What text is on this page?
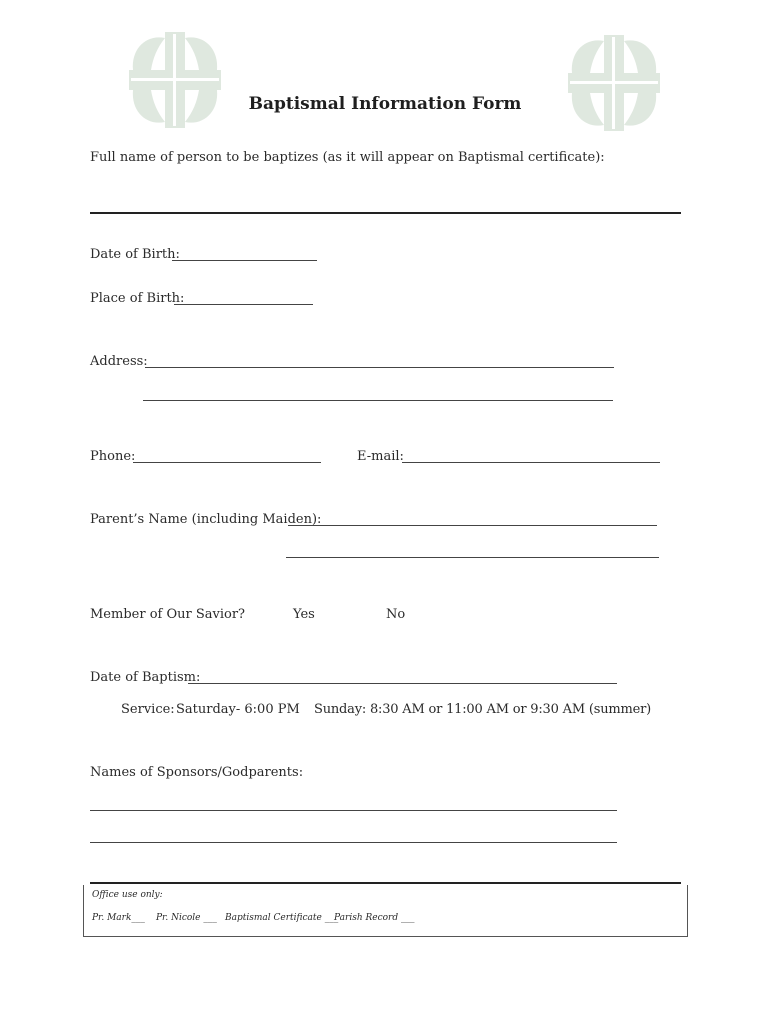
Baptismal Information Form
Full name of person to be baptizes (as it will appear on Baptismal certificate):
Date of Birth:
Place of Birth:
Address:
Phone:	E-mail:
Parent’s Name (including Maiden):
Member of Our Savior?	Yes	No
Date of Baptism:
Service: Saturday- 6:00 PM Sunday: 8:30 AM or 11:00 AM or 9:30 AM (summer)
Names of Sponsors/Godparents:
Office use only:
Pr. Mark___ Pr. Nicole ___ Baptismal Certificate ___
Parish Record ___
